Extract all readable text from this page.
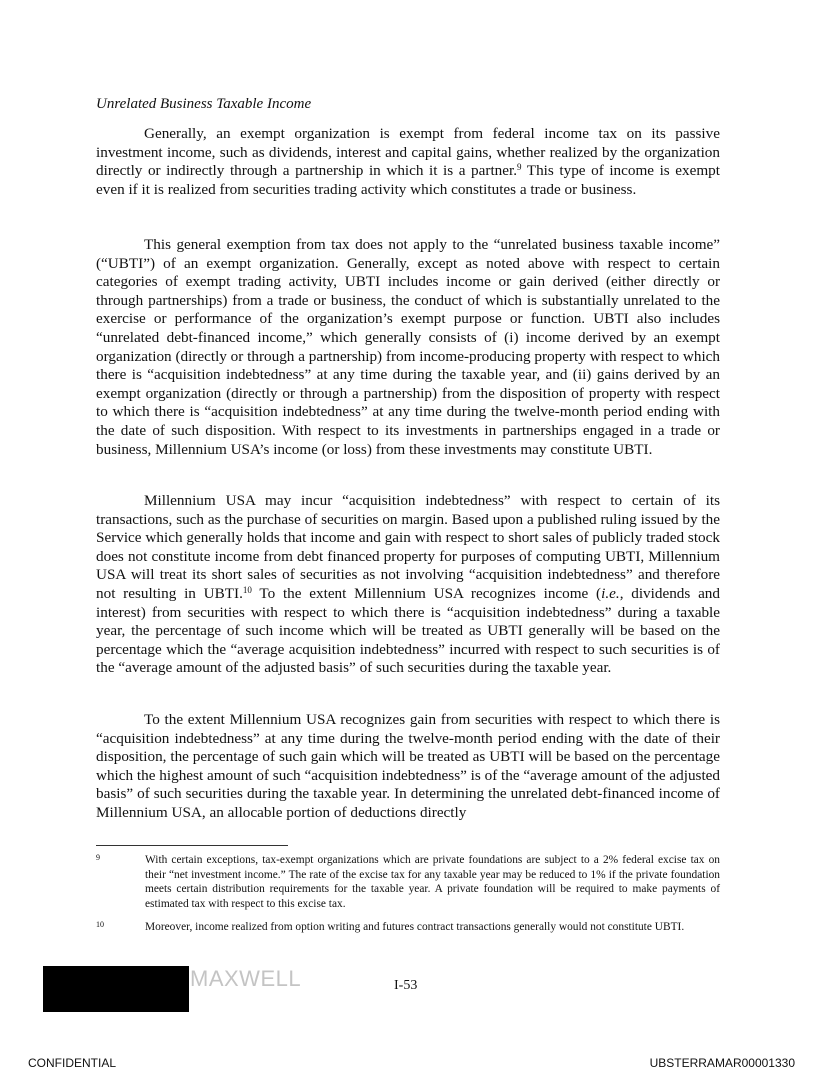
Unrelated Business Taxable Income

Generally, an exempt organization is exempt from federal income tax on its passive investment income, such as dividends, interest and capital gains, whether realized by the organization directly or indirectly through a partnership in which it is a partner.$^9$ This type of income is exempt even if it is realized from securities trading activity which constitutes a trade or business.

This general exemption from tax does not apply to the “unrelated business taxable income” (“UBTI”) of an exempt organization. Generally, except as noted above with respect to certain categories of exempt trading activity, UBTI includes income or gain derived (either directly or through partnerships) from a trade or business, the conduct of which is substantially unrelated to the exercise or performance of the organization’s exempt purpose or function. UBTI also includes “unrelated debt-financed income,” which generally consists of (i) income derived by an exempt organization (directly or through a partnership) from income-producing property with respect to which there is “acquisition indebtedness” at any time during the taxable year, and (ii) gains derived by an exempt organization (directly or through a partnership) from the disposition of property with respect to which there is “acquisition indebtedness” at any time during the twelve-month period ending with the date of such disposition. With respect to its investments in partnerships engaged in a trade or business, Millennium USA’s income (or loss) from these investments may constitute UBTI.

Millennium USA may incur “acquisition indebtedness” with respect to certain of its transactions, such as the purchase of securities on margin. Based upon a published ruling issued by the Service which generally holds that income and gain with respect to short sales of publicly traded stock does not constitute income from debt financed property for purposes of computing UBTI, Millennium USA will treat its short sales of securities as not involving “acquisition indebtedness” and therefore not resulting in UBTI.$^{10}$ To the extent Millennium USA recognizes income (i.e., dividends and interest) from securities with respect to which there is “acquisition indebtedness” during a taxable year, the percentage of such income which will be treated as UBTI generally will be based on the percentage which the “average acquisition indebtedness” incurred with respect to such securities is of the “average amount of the adjusted basis” of such securities during the taxable year.

To the extent Millennium USA recognizes gain from securities with respect to which there is “acquisition indebtedness” at any time during the twelve-month period ending with the date of their disposition, the percentage of such gain which will be treated as UBTI will be based on the percentage which the highest amount of such “acquisition indebtedness” is of the “average amount of the adjusted basis” of such securities during the taxable year. In determining the unrelated debt-financed income of Millennium USA, an allocable portion of deductions directly

9	With certain exceptions, tax-exempt organizations which are private foundations are subject to a 2% federal excise tax on their “net investment income.” The rate of the excise tax for any taxable year may be reduced to 1% if the private foundation meets certain distribution requirements for the taxable year. A private foundation will be required to make payments of estimated tax with respect to this excise tax.

10	Moreover, income realized from option writing and futures contract transactions generally would not constitute UBTI.

MAXWELL	I-53
CONFIDENTIAL	UBSTERRAMAR00001330
